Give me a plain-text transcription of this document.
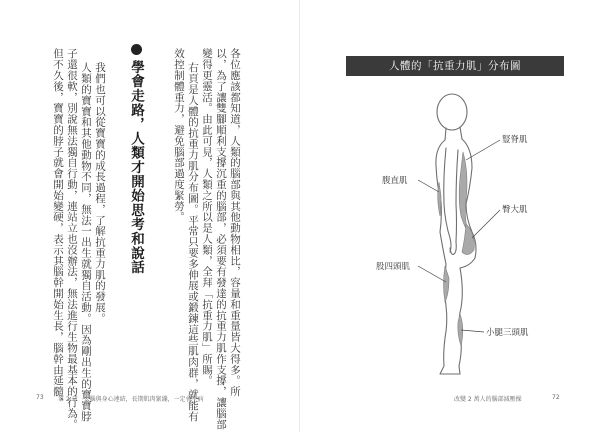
各位應該都知道，人類的腦部與其他動物相比，容量和重量皆大得多。所
以，為了讓雙腳順利支撐沉重的腦部，必須要有發達的抗重力肌作支撐，讓腦部
變得更靈活。由此可見，人類之所以是人類，全拜「抗重力肌」所賜。
右頁是人體的抗重力肌分布圖。平常只要多伸展或鍛鍊這些肌肉群，就能有
效控制體重力，避免腦部過度緊勞。
學會走路，人類才開始思考和說話
我們也可以從寶寶的成長過程，了解抗重力肌的發展。
人類的寶寶和其他動物不同，無法一出生就獨自活動。因為剛出生的寶寶脖
子還很軟，別說無法獨自行動，連站立也沒辦法，無法進行生物最基本的行為。
但不久後，寶寶的脖子就會開始變硬，表示其腦幹開始生長，腦幹由延髓、
73 第 2 章　大腦與身心連結，長期肌肉緊繃，一定會生病
人體的「抗重力肌」分布圖
豎脊肌
腹直肌
臀大肌
股四頭肌
小腿三頭肌
改變 2 萬人的腦部減壓操	72
